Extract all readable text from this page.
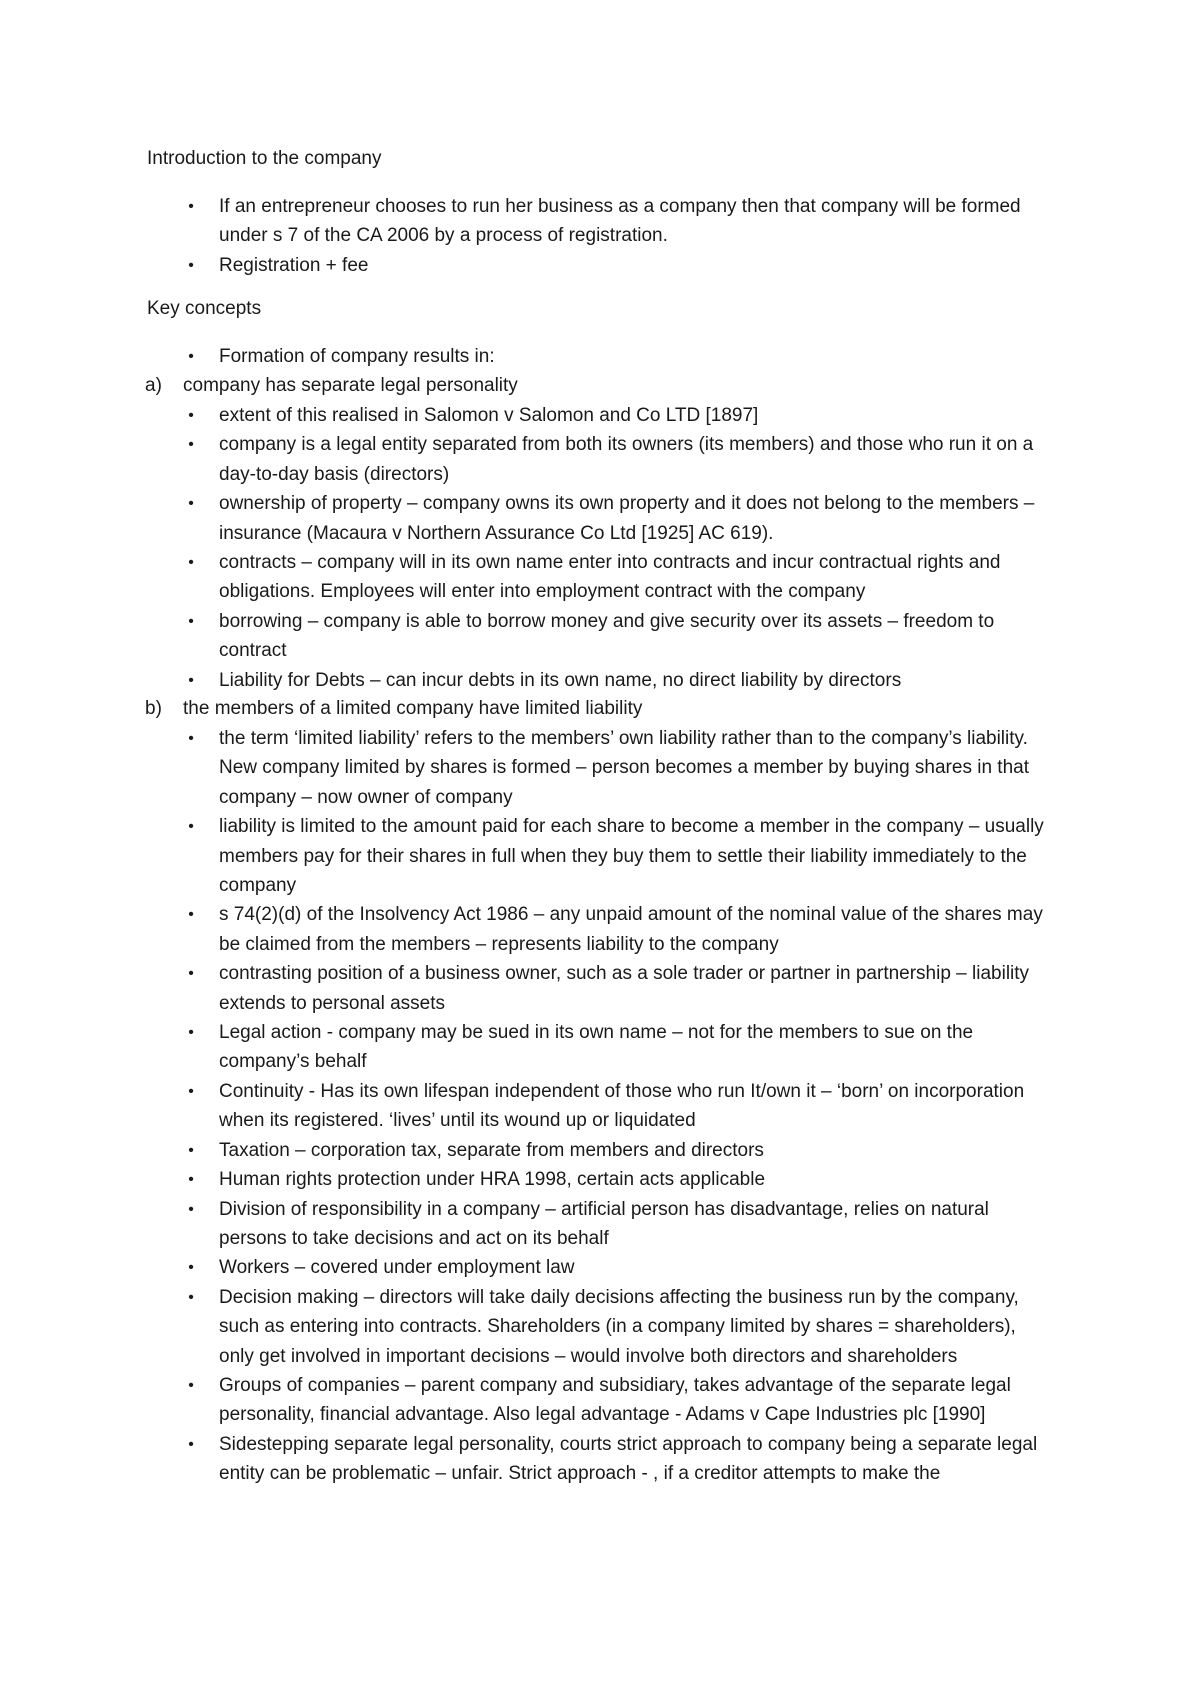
Introduction to the company

• If an entrepreneur chooses to run her business as a company then that company will be formed under s 7 of the CA 2006 by a process of registration.
• Registration + fee

Key concepts

• Formation of company results in:
a) company has separate legal personality
• extent of this realised in Salomon v Salomon and Co LTD [1897]
• company is a legal entity separated from both its owners (its members) and those who run it on a day-to-day basis (directors)
• ownership of property – company owns its own property and it does not belong to the members – insurance (Macaura v Northern Assurance Co Ltd [1925] AC 619).
• contracts – company will in its own name enter into contracts and incur contractual rights and obligations. Employees will enter into employment contract with the company
• borrowing – company is able to borrow money and give security over its assets – freedom to contract
• Liability for Debts – can incur debts in its own name, no direct liability by directors
b) the members of a limited company have limited liability
• the term ‘limited liability’ refers to the members’ own liability rather than to the company’s liability. New company limited by shares is formed – person becomes a member by buying shares in that company – now owner of company
• liability is limited to the amount paid for each share to become a member in the company – usually members pay for their shares in full when they buy them to settle their liability immediately to the company
• s 74(2)(d) of the Insolvency Act 1986 – any unpaid amount of the nominal value of the shares may be claimed from the members – represents liability to the company
• contrasting position of a business owner, such as a sole trader or partner in partnership – liability extends to personal assets
• Legal action - company may be sued in its own name – not for the members to sue on the company’s behalf
• Continuity - Has its own lifespan independent of those who run It/own it – ‘born’ on incorporation when its registered. ‘lives’ until its wound up or liquidated
• Taxation – corporation tax, separate from members and directors
• Human rights protection under HRA 1998, certain acts applicable
• Division of responsibility in a company – artificial person has disadvantage, relies on natural persons to take decisions and act on its behalf
• Workers – covered under employment law
• Decision making – directors will take daily decisions affecting the business run by the company, such as entering into contracts. Shareholders (in a company limited by shares = shareholders), only get involved in important decisions – would involve both directors and shareholders
• Groups of companies – parent company and subsidiary, takes advantage of the separate legal personality, financial advantage. Also legal advantage - Adams v Cape Industries plc [1990]
• Sidestepping separate legal personality, courts strict approach to company being a separate legal entity can be problematic – unfair. Strict approach - , if a creditor attempts to make the
